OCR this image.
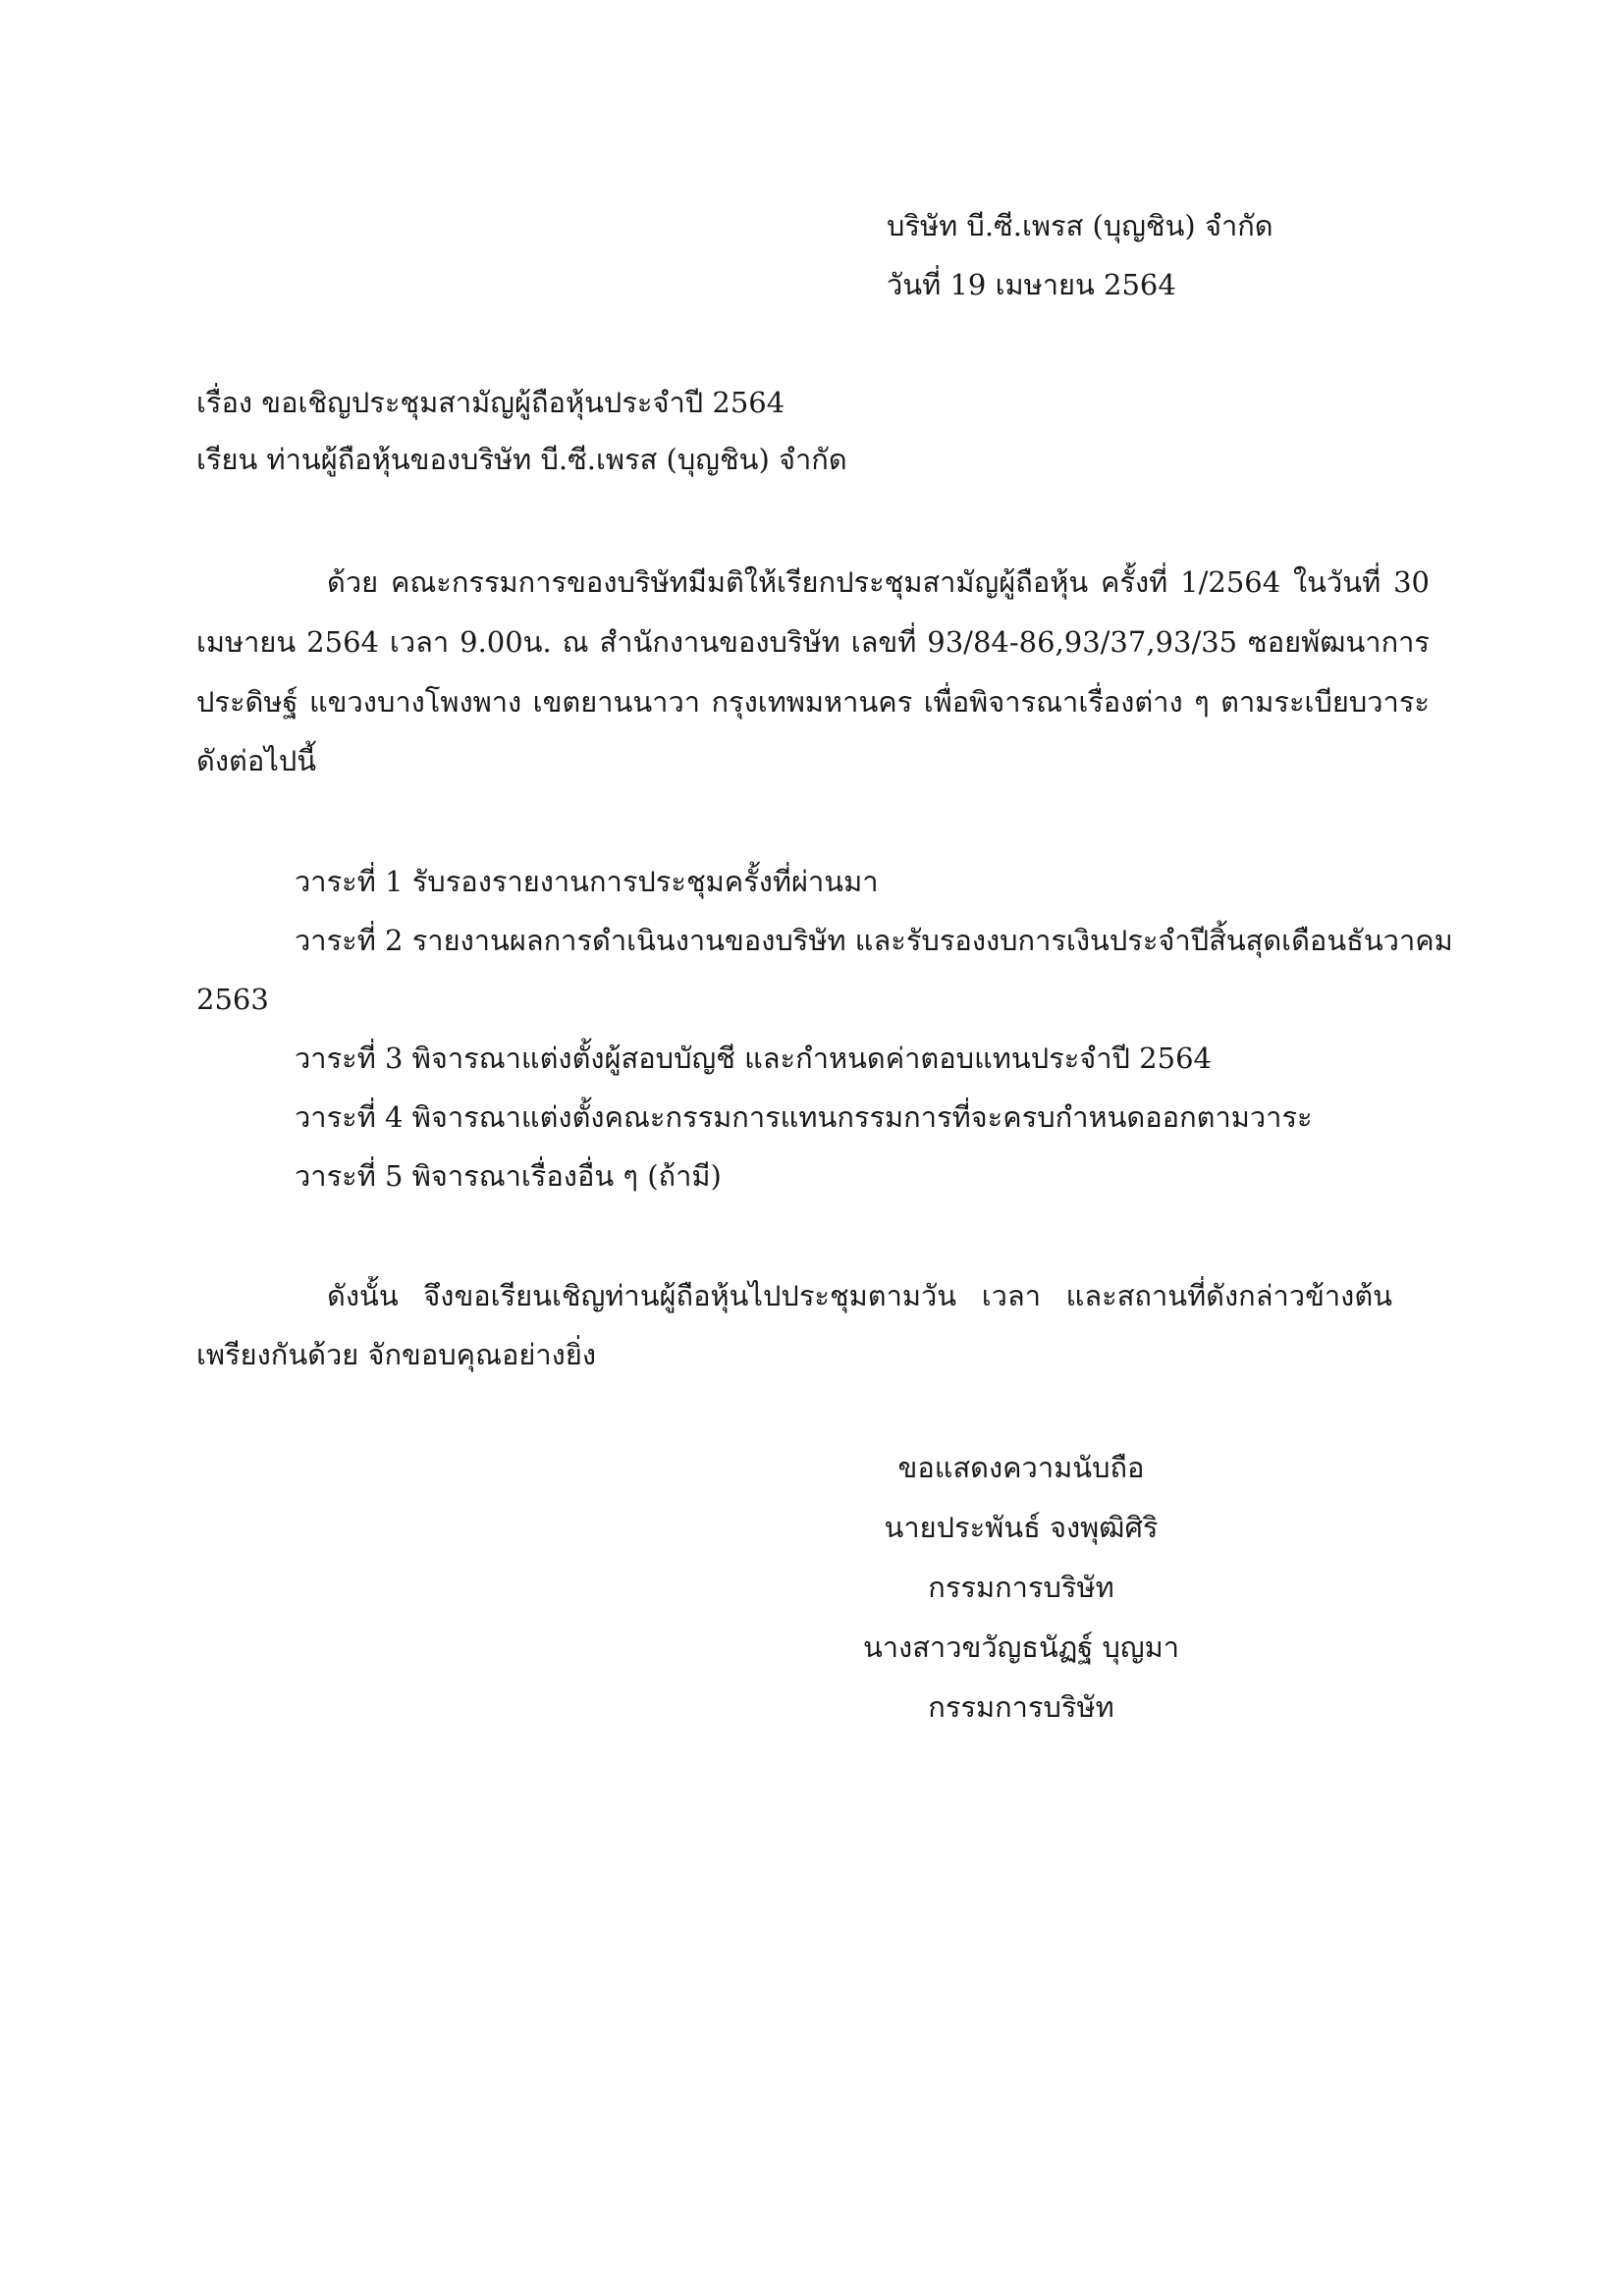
บริษัท บี.ซี.เพรส (บุญชิน) จำกัด
วันที่ 19 เมษายน 2564
เรื่อง ขอเชิญประชุมสามัญผู้ถือหุ้นประจำปี 2564
เรียน ท่านผู้ถือหุ้นของบริษัท บี.ซี.เพรส (บุญชิน) จำกัด
ด้วย คณะกรรมการของบริษัทมีมติให้เรียกประชุมสามัญผู้ถือหุ้น ครั้งที่ 1/2564 ในวันที่ 30
เมษายน 2564 เวลา 9.00น. ณ สำนักงานของบริษัท เลขที่ 93/84-86,93/37,93/35 ซอยพัฒนาการ
ประดิษฐ์ แขวงบางโพงพาง เขตยานนาวา กรุงเทพมหานคร เพื่อพิจารณาเรื่องต่าง ๆ ตามระเบียบวาระ
ดังต่อไปนี้
วาระที่ 1 รับรองรายงานการประชุมครั้งที่ผ่านมา
วาระที่ 2 รายงานผลการดำเนินงานของบริษัท และรับรองงบการเงินประจำปีสิ้นสุดเดือนธันวาคม
2563
วาระที่ 3 พิจารณาแต่งตั้งผู้สอบบัญชี และกำหนดค่าตอบแทนประจำปี 2564
วาระที่ 4 พิจารณาแต่งตั้งคณะกรรมการแทนกรรมการที่จะครบกำหนดออกตามวาระ
วาระที่ 5 พิจารณาเรื่องอื่น ๆ (ถ้ามี)
ดังนั้น จึงขอเรียนเชิญท่านผู้ถือหุ้นไปประชุมตามวัน เวลา และสถานที่ดังกล่าวข้างต้น
เพรียงกันด้วย จักขอบคุณอย่างยิ่ง
ขอแสดงความนับถือ
นายประพันธ์ จงพุฒิศิริ
กรรมการบริษัท
นางสาวขวัญธนัฏฐ์ บุญมา
กรรมการบริษัท
